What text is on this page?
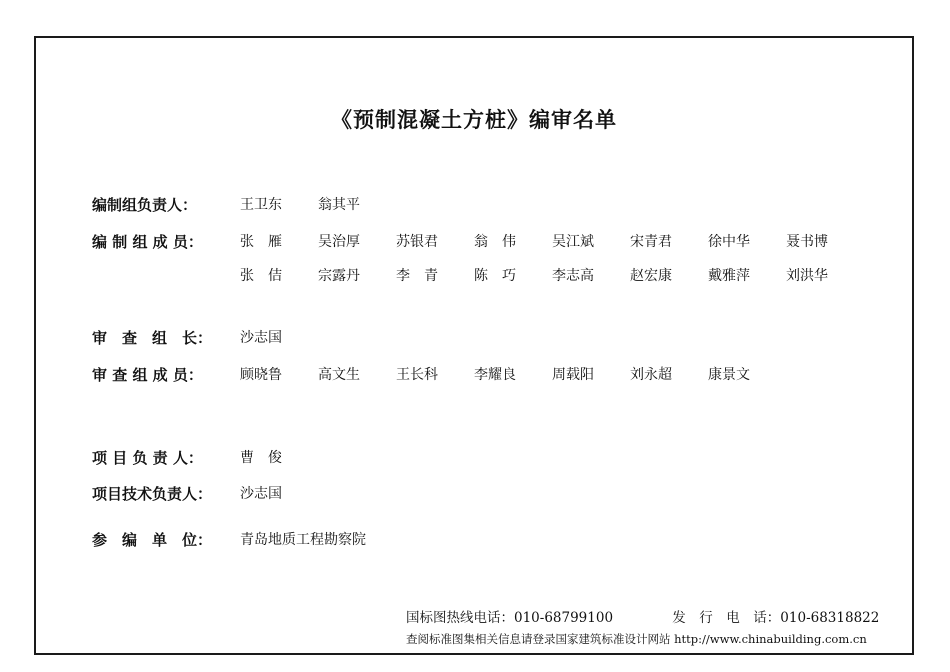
《预制混凝土方桩》编审名单
编制组负责人：	王卫东	翁其平
编 制 组 成 员：	张　雁	吴治厚	苏银君	翁　伟	吴江斌	宋青君	徐中华	聂书博
张　佶	宗露丹	李　青	陈　巧	李志高	赵宏康	戴雅萍	刘洪华
审　查　组　长：	沙志国
审 查 组 成 员：	顾晓鲁	高文生	王长科	李耀良	周载阳	刘永超	康景文
项 目 负 责 人：	曹　俊
项目技术负责人：	沙志国
参　编　单　位：	青岛地质工程勘察院
国标图热线电话：010-68799100	发　行　电　话：010-68318822
查阅标准图集相关信息请登录国家建筑标准设计网站 http://www.chinabuilding.com.cn
